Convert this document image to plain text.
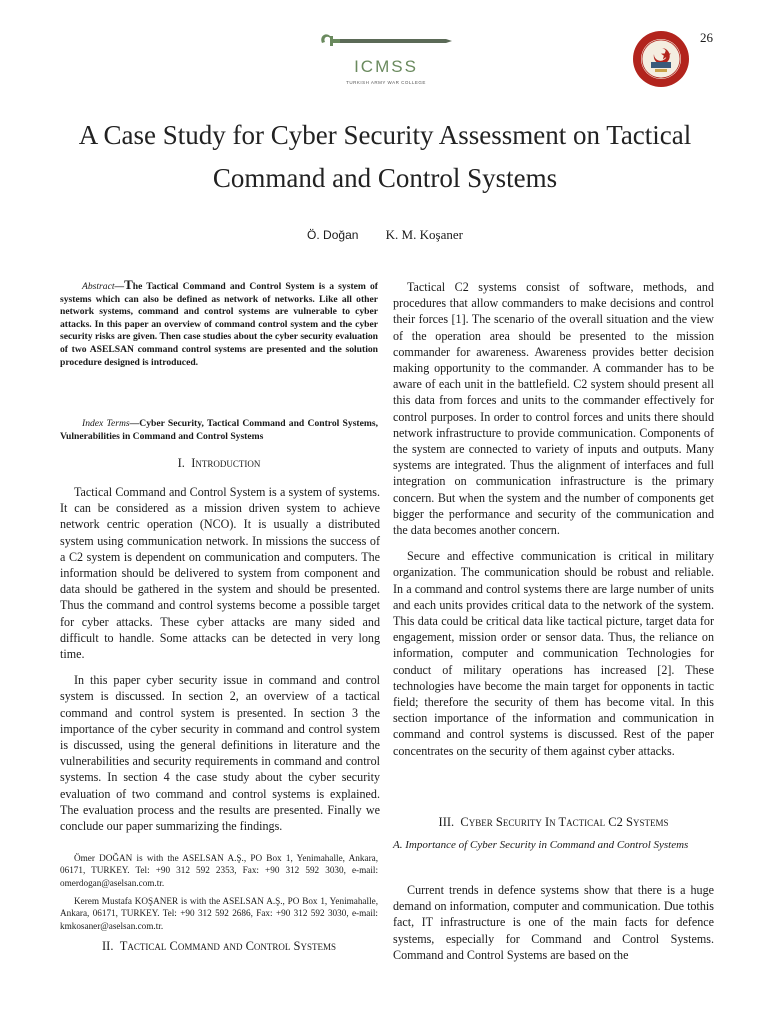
26
ICMSS
TURKISH ARMY WAR COLLEGE
A Case Study for Cyber Security Assessment on Tactical Command and Control Systems
Ö. Doğan K. M. Koşaner
Abstract—The Tactical Command and Control System is a system of systems which can also be defined as network of networks. Like all other network systems, command and control systems are vulnerable to cyber attacks. In this paper an overview of command control system and the cyber security risks are given. Then case studies about the cyber security evaluation of two ASELSAN command control systems are presented and the solution procedure designed is introduced.
Index Terms—Cyber Security, Tactical Command and Control Systems, Vulnerabilities in Command and Control Systems
I. Introduction

Tactical Command and Control System is a system of systems. It can be considered as a mission driven system to achieve network centric operation (NCO). It is usually a distributed system using communication network. In missions the success of a C2 system is dependent on communication and computers. The information should be delivered to system from component and data should be gathered in the system and should be presented. Thus the command and control systems become a possible target for cyber attacks. These cyber attacks are many sided and difficult to handle. Some attacks can be detected in very long time.

In this paper cyber security issue in command and control system is discussed. In section 2, an overview of a tactical command and control system is presented. In section 3 the importance of the cyber security in command and control system is discussed, using the general definitions in literature and the vulnerabilities and security requirements in command and control systems. In section 4 the case study about the cyber security evaluation of two command and control systems is explained. The evaluation process and the results are presented. Finally we conclude our paper summarizing the findings.

Ömer DOĞAN is with the ASELSAN A.Ş., PO Box 1, Yenimahalle, Ankara, 06171, TURKEY. Tel: +90 312 592 2353, Fax: +90 312 592 3030, e-mail: omerdogan@aselsan.com.tr.
Kerem Mustafa KOŞANER is with the ASELSAN A.Ş., PO Box 1, Yenimahalle, Ankara, 06171, TURKEY. Tel: +90 312 592 2686, Fax: +90 312 592 3030, e-mail: kmkosaner@aselsan.com.tr.
II. Tactical Command and Control Systems

Tactical C2 systems consist of software, methods, and procedures that allow commanders to make decisions and control their forces [1]. The scenario of the overall situation and the view of the operation area should be presented to the mission commander for awareness. Awareness provides better decision making opportunity to the commander. A commander has to be aware of each unit in the battlefield. C2 system should present all this data from forces and units to the commander effectively for control purposes. In order to control forces and units there should network infrastructure to provide communication. Components of the system are connected to variety of inputs and outputs. Many systems are integrated. Thus the alignment of interfaces and full integration on communication infrastructure is the primary concern. But when the system and the number of components get bigger the performance and security of the communication and the data becomes another concern.

Secure and effective communication is critical in military organization. The communication should be robust and reliable. In a command and control systems there are large number of units and each units provides critical data to the network of the system. This data could be critical data like tactical picture, target data for engagement, mission order or sensor data. Thus, the reliance on information, computer and communication Technologies for conduct of military operations has increased [2]. These technologies have become the main target for opponents in tactic field; therefore the security of them has become vital. In this section importance of the information and communication in command and control systems is discussed. Rest of the paper concentrates on the security of them against cyber attacks.

III. Cyber Security In Tactical C2 Systems
A. Importance of Cyber Security in Command and Control Systems

Current trends in defence systems show that there is a huge demand on information, computer and communication. Due tothis fact, IT infrastructure is one of the main facts for defence systems, especially for Command and Control Systems. Command and Control Systems are based on the
